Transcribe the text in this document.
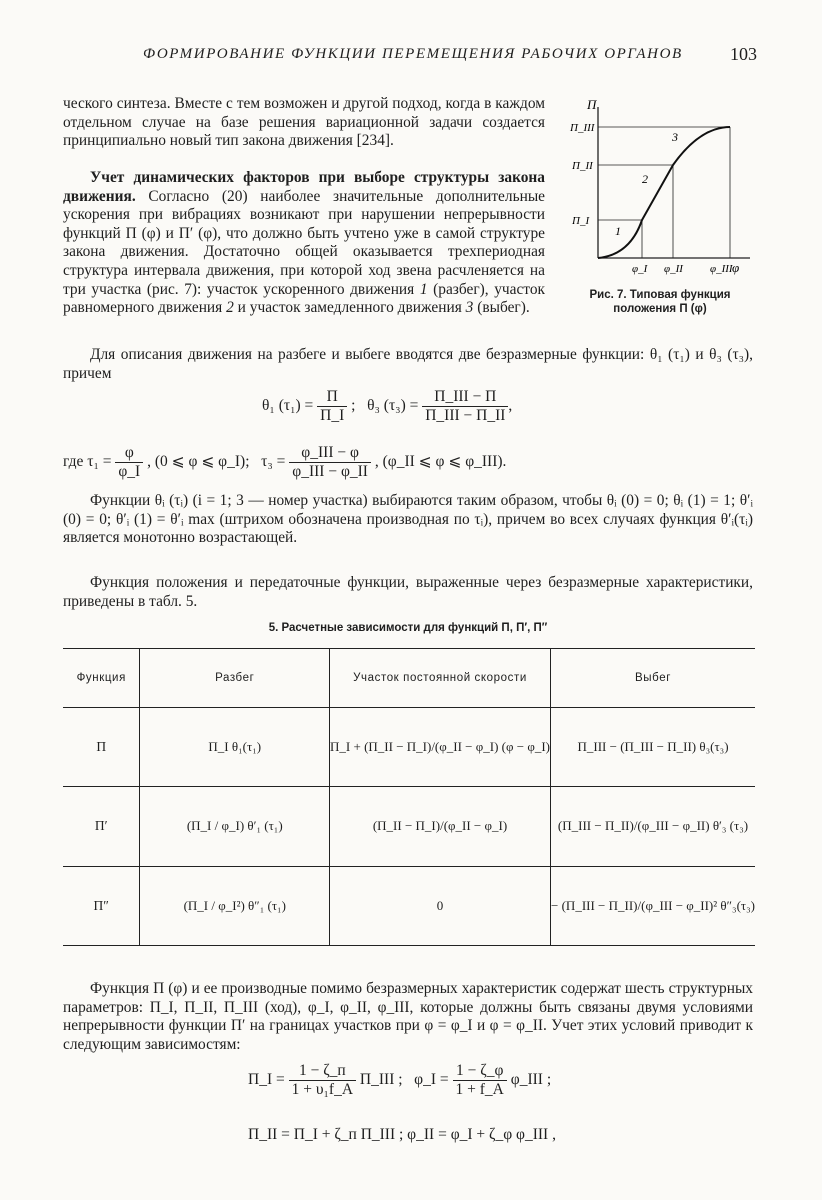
ФОРМИРОВАНИЕ ФУНКЦИИ ПЕРЕМЕЩЕНИЯ РАБОЧИХ ОРГАНОВ	103
ческого синтеза. Вместе с тем возможен и другой подход, когда в каждом отдельном случае на базе решения вариационной задачи создается принципиально новый тип закона движения [234].
Учет динамических факторов при выборе структуры закона движения. Согласно (20) наиболее значительные дополнительные ускорения при вибрациях возникают при нарушении непрерывности функций П (φ) и П′ (φ), что должно быть учтено уже в самой структуре закона движения. Достаточно общей оказывается трехпериодная структура интервала движения, при которой ход звена расчленяется на три участка (рис. 7): участок ускоренного движения 1 (разбег), участок равномерного движения 2 и участок замедленного движения 3 (выбег).
П
φ
П_I
П_II
П_III
φ_I φ_II φ_III
1
2
3
Рис. 7. Типовая функция положения П (φ)
Для описания движения на разбеге и выбеге вводятся две безразмерные функции: θ₁ (τ₁) и θ₃ (τ₃), причем
θ₁ $(\tau_1) = \frac{П}{П\_I}$ ; θ₃ $(\tau_3) = \frac{\text{П\_III − П}}{\text{П\_III − П\_II}}$ ,
где $\tau_1 = \frac{\varphi}{\varphi\_I}$ , (0 ⩽ φ ⩽ φ_I); $\tau_3 = \frac{\text{φ\_III − φ}}{\text{φ\_III − φ\_II}}$ , (φ_II ⩽ φ ⩽ φ_III).
Функции θᵢ (τᵢ) (i = 1; 3 — номер участка) выбираются таким образом, чтобы θᵢ (0) = 0; θᵢ (1) = 1; θ′ᵢ (0) = 0; θ′ᵢ (1) = θ′ᵢ max (штрихом обозначена производная по τᵢ), причем во всех случаях функция θ′ᵢ(τᵢ) является монотонно возрастающей.
Функция положения и передаточные функции, выраженные через безразмерные характеристики, приведены в табл. 5.
5. Расчетные зависимости для функций П, П′, П″
Функция	Разбег	Участок постоянной скорости	Выбег
П	П_I θ₁(τ₁)	П_I + (П_II − П_I)/(φ_II − φ_I) (φ − φ_I)	П_III − (П_III − П_II) θ₃(τ₃)
П′	(П_I / φ_I) θ′₁ (τ₁)	(П_II − П_I)/(φ_II − φ_I)	(П_III − П_II)/(φ_III − φ_II) θ′₃ (τ₃)
П″	(П_I / φ_I²) θ″₁ (τ₁)	0	− (П_III − П_II)/(φ_III − φ_II)² θ″₃(τ₃)
Функция П (φ) и ее производные помимо безразмерных характеристик содержат шесть структурных параметров: П_I, П_II, П_III (ход), φ_I, φ_II, φ_III, которые должны быть связаны двумя условиями непрерывности функции П′ на границах участков при φ = φ_I и φ = φ_II. Учет этих условий приводит к следующим зависимостям:
П_I = $\frac{1 - \zeta\_п}{\text{1 + υ₁f\_A}}$ П_III ; φ_I = $\frac{1 - \zeta\_\varphi}{1 + f\_A}$ φ_III ;
П_II = П_I + ζ_п П_III ; φ_II = φ_I + ζ_φ φ_III ,
